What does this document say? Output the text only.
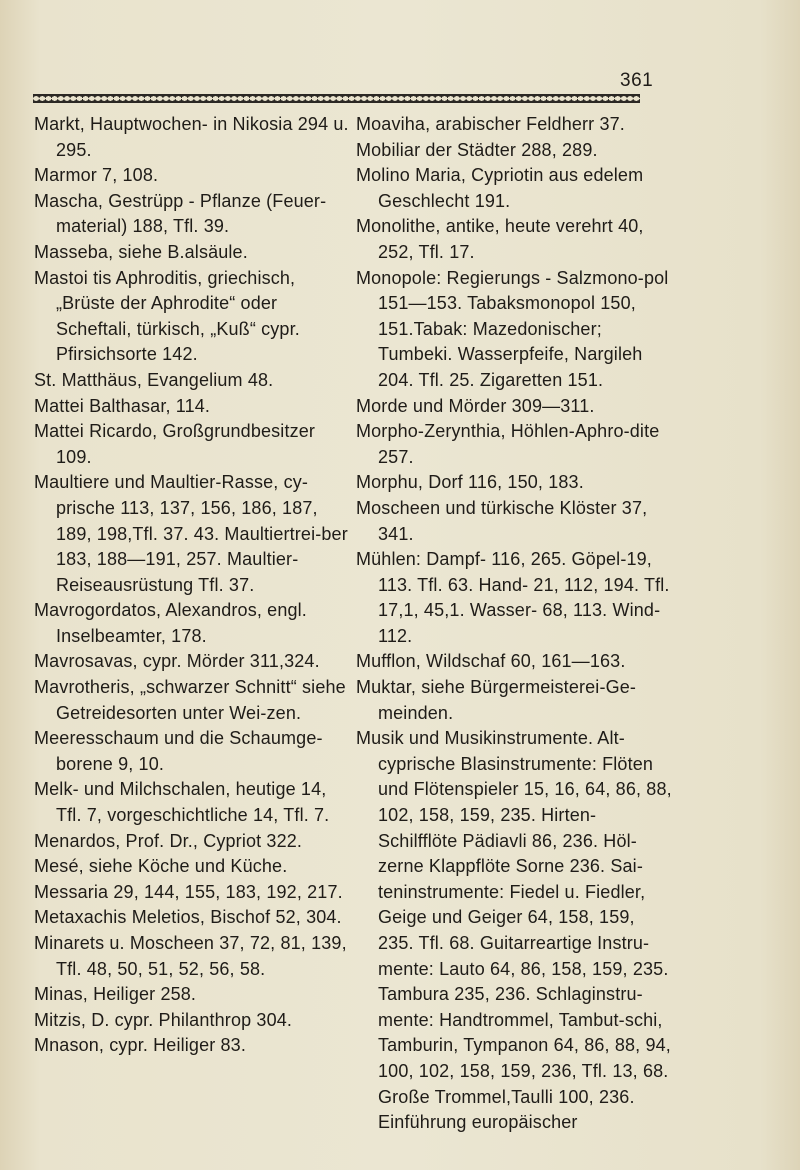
361

Markt, Hauptwochen- in Nikosia 294 u. 295.

Marmor 7, 108.

Mascha, Gestrüpp - Pflanze (Feuer-material) 188, Tfl. 39.

Masseba, siehe B.alsäule.

Mastoi tis Aphroditis, griechisch, „Brüste der Aphrodite“ oder Scheftali, türkisch, „Kuß“ cypr. Pfirsichsorte 142.

St. Matthäus, Evangelium 48.

Mattei Balthasar, 114.

Mattei Ricardo, Großgrundbesitzer 109.

Maultiere und Maultier-Rasse, cy-prische 113, 137, 156, 186, 187, 189, 198,Tfl. 37. 43. Maultiertrei-ber 183, 188—191, 257. Maultier-Reiseausrüstung Tfl. 37.

Mavrogordatos, Alexandros, engl. Inselbeamter, 178.

Mavrosavas, cypr. Mörder 311,324.

Mavrotheris, „schwarzer Schnitt“ siehe Getreidesorten unter Wei-zen.

Meeresschaum und die Schaumge-borene 9, 10.

Melk- und Milchschalen, heutige 14, Tfl. 7, vorgeschichtliche 14, Tfl. 7.

Menardos, Prof. Dr., Cypriot 322.

Mesé, siehe Köche und Küche.

Messaria 29, 144, 155, 183, 192, 217.

Metaxachis Meletios, Bischof 52, 304.

Minarets u. Moscheen 37, 72, 81, 139, Tfl. 48, 50, 51, 52, 56, 58.

Minas, Heiliger 258.

Mitzis, D. cypr. Philanthrop 304.

Mnason, cypr. Heiliger 83.

Moaviha, arabischer Feldherr 37.

Mobiliar der Städter 288, 289.

Molino Maria, Cypriotin aus edelem Geschlecht 191.

Monolithe, antike, heute verehrt 40, 252, Tfl. 17.

Monopole: Regierungs - Salzmono-pol 151—153. Tabaksmonopol 150, 151.Tabak: Mazedonischer; Tumbeki. Wasserpfeife, Nargileh 204. Tfl. 25. Zigaretten 151.

Morde und Mörder 309—311.

Morpho-Zerynthia, Höhlen-Aphro-dite 257.

Morphu, Dorf 116, 150, 183.

Moscheen und türkische Klöster 37, 341.

Mühlen: Dampf- 116, 265. Göpel-19, 113. Tfl. 63. Hand- 21, 112, 194. Tfl. 17,1, 45,1. Wasser- 68, 113. Wind- 112.

Mufflon, Wildschaf 60, 161—163.

Muktar, siehe Bürgermeisterei-Ge-meinden.

Musik und Musikinstrumente. Alt-cyprische Blasinstrumente: Flöten und Flötenspieler 15, 16, 64, 86, 88, 102, 158, 159, 235. Hirten-Schilfflöte Pädiavli 86, 236. Höl-zerne Klappflöte Sorne 236. Sai-teninstrumente: Fiedel u. Fiedler, Geige und Geiger 64, 158, 159, 235. Tfl. 68. Guitarreartige Instru-mente: Lauto 64, 86, 158, 159, 235. Tambura 235, 236. Schlaginstru-mente: Handtrommel, Tambut-schi, Tamburin, Tympanon 64, 86, 88, 94, 100, 102, 158, 159, 236, Tfl. 13, 68. Große Trommel,Taulli 100, 236. Einführung europäischer
